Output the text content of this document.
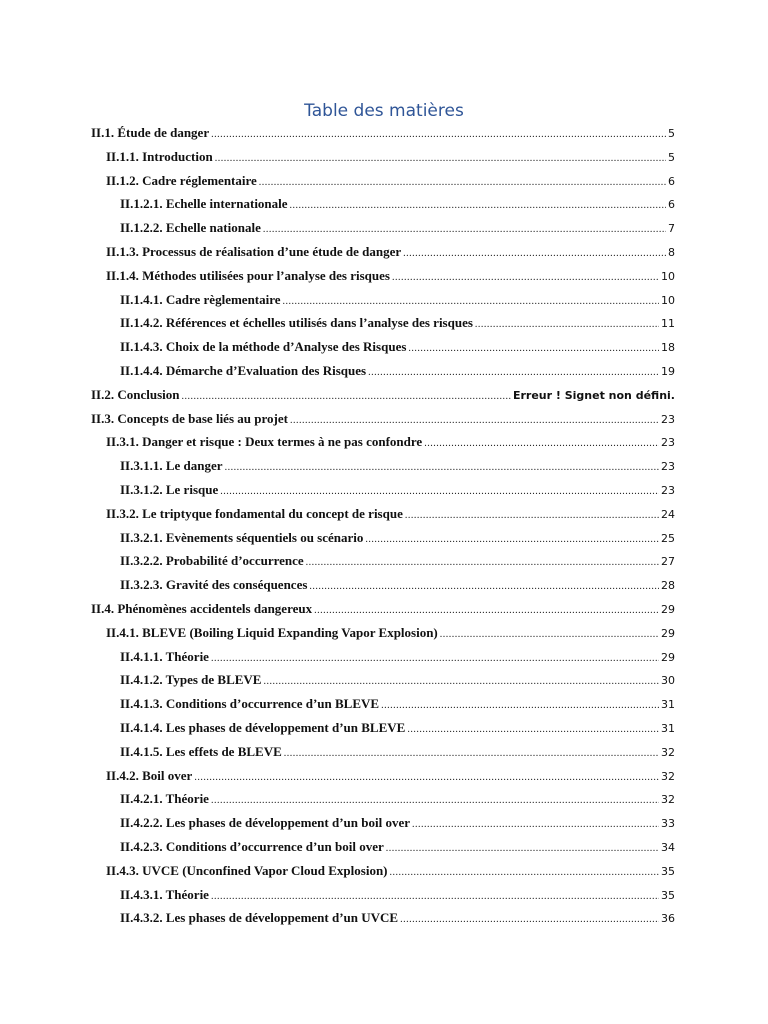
Table des matières
II.1. Étude de danger .....	5
II.1.1. Introduction .....	5
II.1.2. Cadre réglementaire .....	6
II.1.2.1. Echelle internationale .....	6
II.1.2.2. Echelle nationale .....	7
II.1.3. Processus de réalisation d’une étude de danger .....	8
II.1.4. Méthodes utilisées pour l’analyse des risques .....	10
II.1.4.1. Cadre règlementaire .....	10
II.1.4.2. Références et échelles utilisés dans l’analyse des risques .....	11
II.1.4.3. Choix de la méthode d’Analyse des Risques .....	18
II.1.4.4. Démarche d’Evaluation des Risques .....	19
II.2. Conclusion .....	Erreur ! Signet non défini.
II.3. Concepts de base liés au projet .....	23
II.3.1. Danger et risque : Deux termes à ne pas confondre .....	23
II.3.1.1. Le danger .....	23
II.3.1.2. Le risque .....	23
II.3.2. Le triptyque fondamental du concept de risque .....	24
II.3.2.1. Evènements séquentiels ou scénario .....	25
II.3.2.2. Probabilité d’occurrence .....	27
II.3.2.3. Gravité des conséquences .....	28
II.4. Phénomènes accidentels dangereux .....	29
II.4.1. BLEVE (Boiling Liquid Expanding Vapor Explosion) .....	29
II.4.1.1. Théorie .....	29
II.4.1.2. Types de BLEVE .....	30
II.4.1.3. Conditions d’occurrence d’un BLEVE .....	31
II.4.1.4. Les phases de développement d’un BLEVE .....	31
II.4.1.5. Les effets de BLEVE .....	32
II.4.2. Boil over .....	32
II.4.2.1. Théorie .....	32
II.4.2.2. Les phases de développement d’un boil over .....	33
II.4.2.3. Conditions d’occurrence d’un boil over .....	34
II.4.3. UVCE (Unconfined Vapor Cloud Explosion) .....	35
II.4.3.1. Théorie .....	35
II.4.3.2. Les phases de développement d’un UVCE .....	36
